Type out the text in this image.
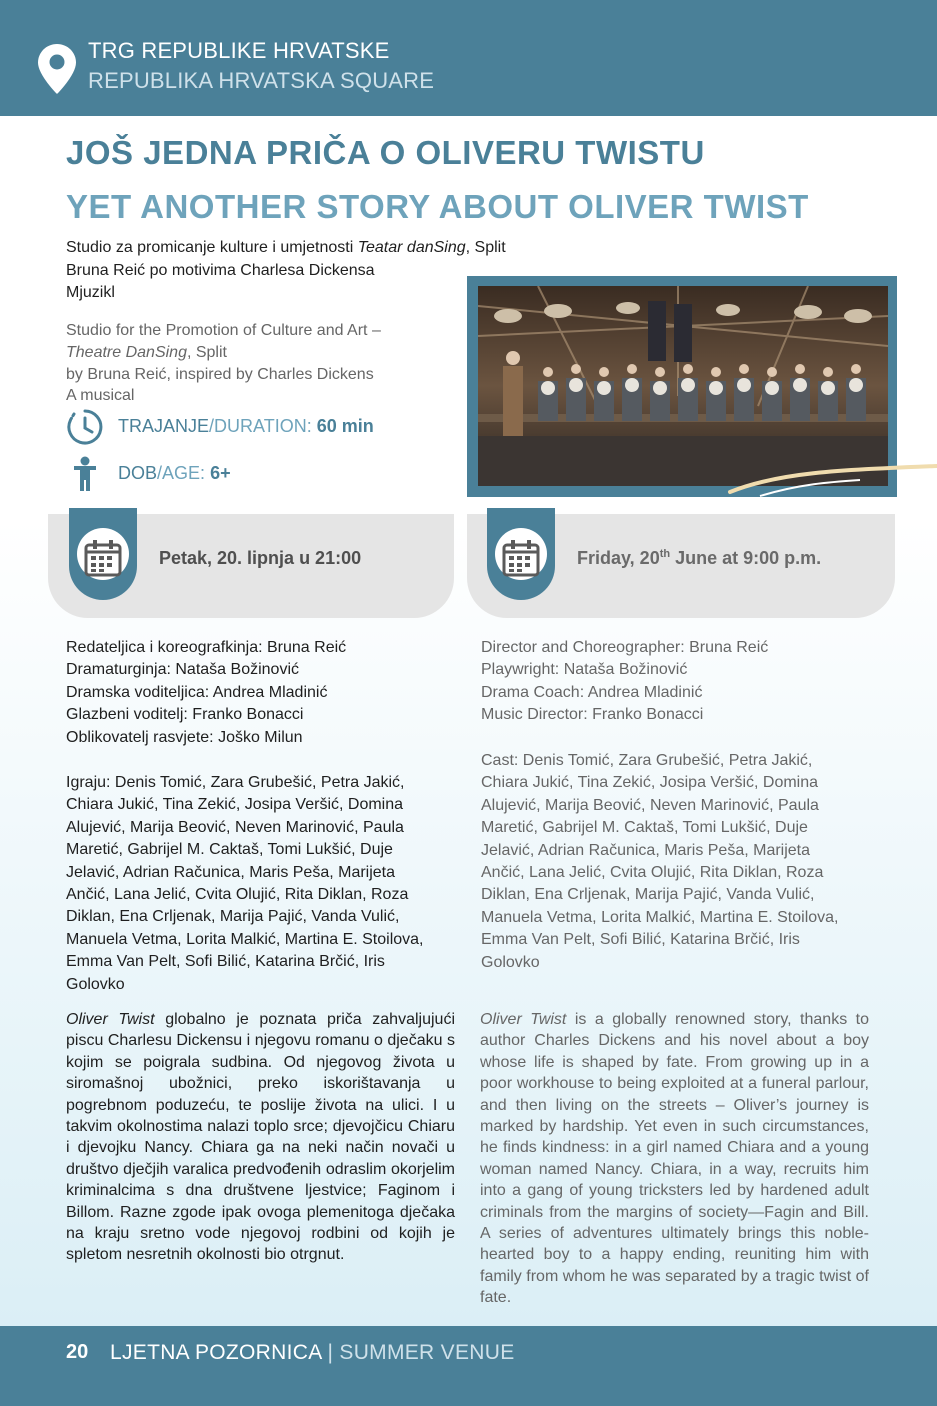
TRG REPUBLIKE HRVATSKE
REPUBLIKA HRVATSKA SQUARE
JOŠ JEDNA PRIČA O OLIVERU TWISTU
YET ANOTHER STORY ABOUT OLIVER TWIST
Studio za promicanje kulture i umjetnosti Teatar danSing, Split
Bruna Reić po motivima Charlesa Dickensa
Mjuzikl
Studio for the Promotion of Culture and Art –
Theatre DanSing, Split
by Bruna Reić, inspired by Charles Dickens
A musical
TRAJANJE/DURATION: 60 min
DOB/AGE: 6+
Petak, 20. lipnja u 21:00	Friday, 20th June at 9:00 p.m.
Redateljica i koreografkinja: Bruna Reić
Dramaturginja: Nataša Božinović
Dramska voditeljica: Andrea Mladinić
Glazbeni voditelj: Franko Bonacci
Oblikovatelj rasvjete: Joško Milun
Director and Choreographer: Bruna Reić
Playwright: Nataša Božinović
Drama Coach: Andrea Mladinić
Music Director: Franko Bonacci
Igraju: Denis Tomić, Zara Grubešić, Petra Jakić,
Chiara Jukić, Tina Zekić, Josipa Veršić, Domina
Alujević, Marija Beović, Neven Marinović, Paula
Maretić, Gabrijel M. Caktaš, Tomi Lukšić, Duje
Jelavić, Adrian Računica, Maris Peša, Marijeta
Ančić, Lana Jelić, Cvita Olujić, Rita Diklan, Roza
Diklan, Ena Crljenak, Marija Pajić, Vanda Vulić,
Manuela Vetma, Lorita Malkić, Martina E. Stoilova,
Emma Van Pelt, Sofi Bilić, Katarina Brčić, Iris
Golovko
Cast: Denis Tomić, Zara Grubešić, Petra Jakić,
Chiara Jukić, Tina Zekić, Josipa Veršić, Domina
Alujević, Marija Beović, Neven Marinović, Paula
Maretić, Gabrijel M. Caktaš, Tomi Lukšić, Duje
Jelavić, Adrian Računica, Maris Peša, Marijeta
Ančić, Lana Jelić, Cvita Olujić, Rita Diklan, Roza
Diklan, Ena Crljenak, Marija Pajić, Vanda Vulić,
Manuela Vetma, Lorita Malkić, Martina E. Stoilova,
Emma Van Pelt, Sofi Bilić, Katarina Brčić, Iris
Golovko
Oliver Twist globalno je poznata priča zahvaljujući piscu Charlesu Dickensu i njegovu romanu o dječaku s kojim se poigrala sudbina. Od njegovog života u siromašnoj ubožnici, preko iskorištavanja u pogrebnom poduzeću, te poslije života na ulici. I u takvim okolnostima nalazi toplo srce; djevojčicu Chiaru i djevojku Nancy. Chiara ga na neki način novači u društvo dječjih varalica predvođenih odraslim okorjelim kriminalcima s dna društvene ljestvice; Faginom i Billom. Razne zgode ipak ovoga plemenitoga dječaka na kraju sretno vode njegovoj rodbini od kojih je spletom nesretnih okolnosti bio otrgnut.
Oliver Twist is a globally renowned story, thanks to author Charles Dickens and his novel about a boy whose life is shaped by fate. From growing up in a poor workhouse to being exploited at a funeral parlour, and then living on the streets – Oliver’s journey is marked by hardship. Yet even in such circumstances, he finds kindness: in a girl named Chiara and a young woman named Nancy. Chiara, in a way, recruits him into a gang of young tricksters led by hardened adult criminals from the margins of society—Fagin and Bill. A series of adventures ultimately brings this noble-hearted boy to a happy ending, reuniting him with family from whom he was separated by a tragic twist of fate.
20 LJETNA POZORNICA | SUMMER VENUE
